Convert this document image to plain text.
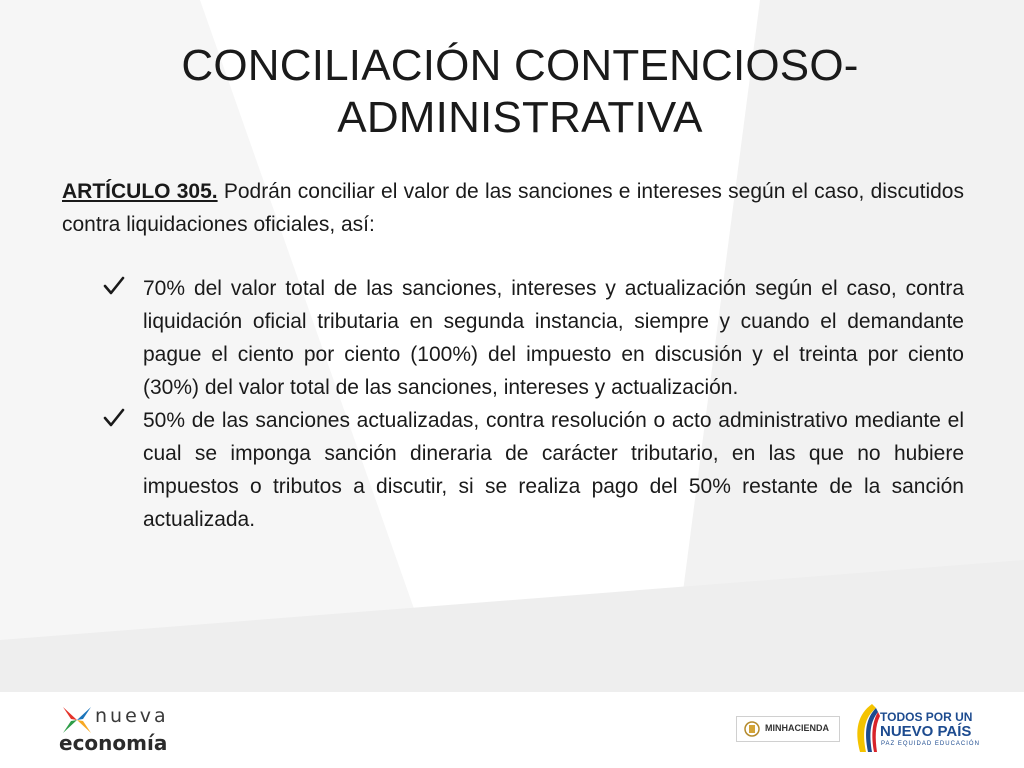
CONCILIACIÓN CONTENCIOSO-
ADMINISTRATIVA

ARTÍCULO 305. Podrán conciliar el valor de las sanciones e intereses según el caso, discutidos contra liquidaciones oficiales, así:

70% del valor total de las sanciones, intereses y actualización según el caso, contra liquidación oficial tributaria en segunda instancia, siempre y cuando el demandante pague el ciento por ciento (100%) del impuesto en discusión y el treinta por ciento (30%) del valor total de las sanciones, intereses y actualización.
50% de las sanciones actualizadas, contra resolución o acto administrativo mediante el cual se imponga sanción dineraria de carácter tributario, en las que no hubiere impuestos o tributos a discutir, si se realiza pago del 50% restante de la sanción actualizada.
nueva
economía
MINHACIENDA
TODOS POR UN
NUEVO PAÍS
PAZ EQUIDAD EDUCACIÓN
